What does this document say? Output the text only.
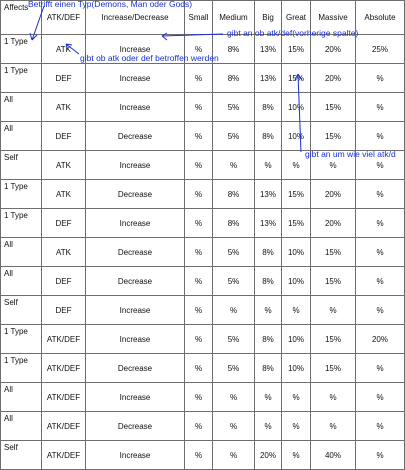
Affects	ATK/DEF	Increase/Decrease	Small	Medium	Big	Great	Massive	Absolute
1 Type	ATK	Increase	%	8%	13%	15%	20%	25%
1 Type	DEF	Increase	%	8%	13%	15%	20%	%
All	ATK	Increase	%	5%	8%	10%	15%	%
All	DEF	Decrease	%	5%	8%	10%	15%	%
Self	ATK	Increase	%	%	%	%	%	%
1 Type	ATK	Decrease	%	8%	13%	15%	20%	%
1 Type	DEF	Increase	%	8%	13%	15%	20%	%
All	ATK	Decrease	%	5%	8%	10%	15%	%
All	DEF	Decrease	%	5%	8%	10%	15%	%
Self	DEF	Increase	%	%	%	%	%	%
1 Type	ATK/DEF	Increase	%	5%	8%	10%	15%	20%
1 Type	ATK/DEF	Decrease	%	5%	8%	10%	15%	%
All	ATK/DEF	Increase	%	%	%	%	%	%
All	ATK/DEF	Decrease	%	%	%	%	%	%
Self	ATK/DEF	Increase	%	%	20%	%	40%	%
Betrifft einen Typ(Demons, Man oder Gods)
gibt ob atk oder def betroffen werden
gibt an ob atk/def(vorherige spalte)
gibt an um wie viel atk/d
